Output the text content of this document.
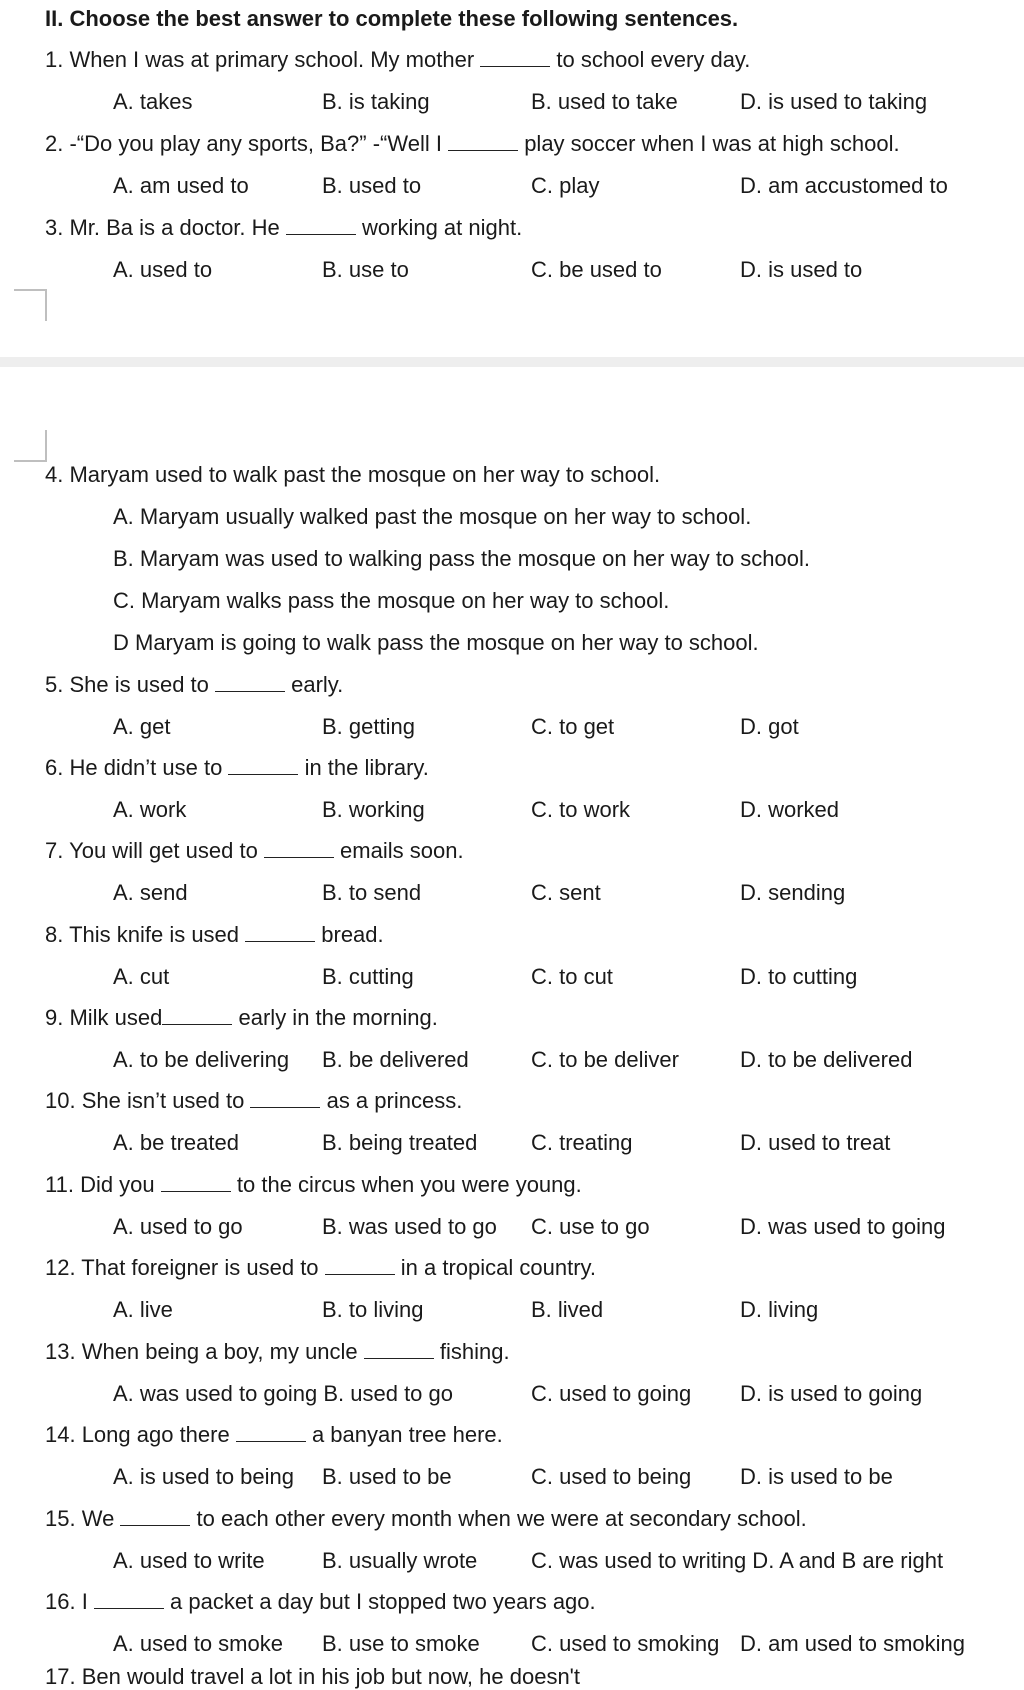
II. Choose the best answer to complete these following sentences.
1. When I was at primary school. My mother	to school every day.
A. takes	B. is taking	B. used to take	D. is used to taking
2. -“Do you play any sports, Ba?” -“Well I	play soccer when I was at high school.
A. am used to	B. used to	C. play	D. am accustomed to
3. Mr. Ba is a doctor. He	working at night.
A. used to	B. use to	C. be used to	D. is used to
4. Maryam used to walk past the mosque on her way to school.
A. Maryam usually walked past the mosque on her way to school.
B. Maryam was used to walking pass the mosque on her way to school.
C. Maryam walks pass the mosque on her way to school.
D Maryam is going to walk pass the mosque on her way to school.
5. She is used to	early.
A. get	B. getting	C. to get	D. got
6. He didn’t use to	in the library.
A. work	B. working	C. to work	D. worked
7. You will get used to	emails soon.
A. send	B. to send	C. sent	D. sending
8. This knife is used	bread.
A. cut	B. cutting	C. to cut	D. to cutting
9. Milk used	early in the morning.
A. to be delivering B. be delivered	C. to be deliver	D. to be delivered
10. She isn’t used to	as a princess.
A. be treated	B. being treated C. treating	D. used to treat
11. Did you	to the circus when you were young.
A. used to go	B. was used to go C. use to go	D. was used to going
12. That foreigner is used to	in a tropical country.
A. live	B. to living	B. lived	D. living
13. When being a boy, my uncle	fishing.
A. was used to going B. used to go	C. used to going D. is used to going
14. Long ago there	a banyan tree here.
A. is used to being B. used to be	C. used to being D. is used to be
15. We	to each other every month when we were at secondary school.
A. used to write	B. usually wrote C. was used to writing D. A and B are right
16. I	a packet a day but I stopped two years ago.
A. used to smoke B. use to smoke C. used to smoking D. am used to smoking
17. Ben would travel a lot in his job but now, he doesn't
